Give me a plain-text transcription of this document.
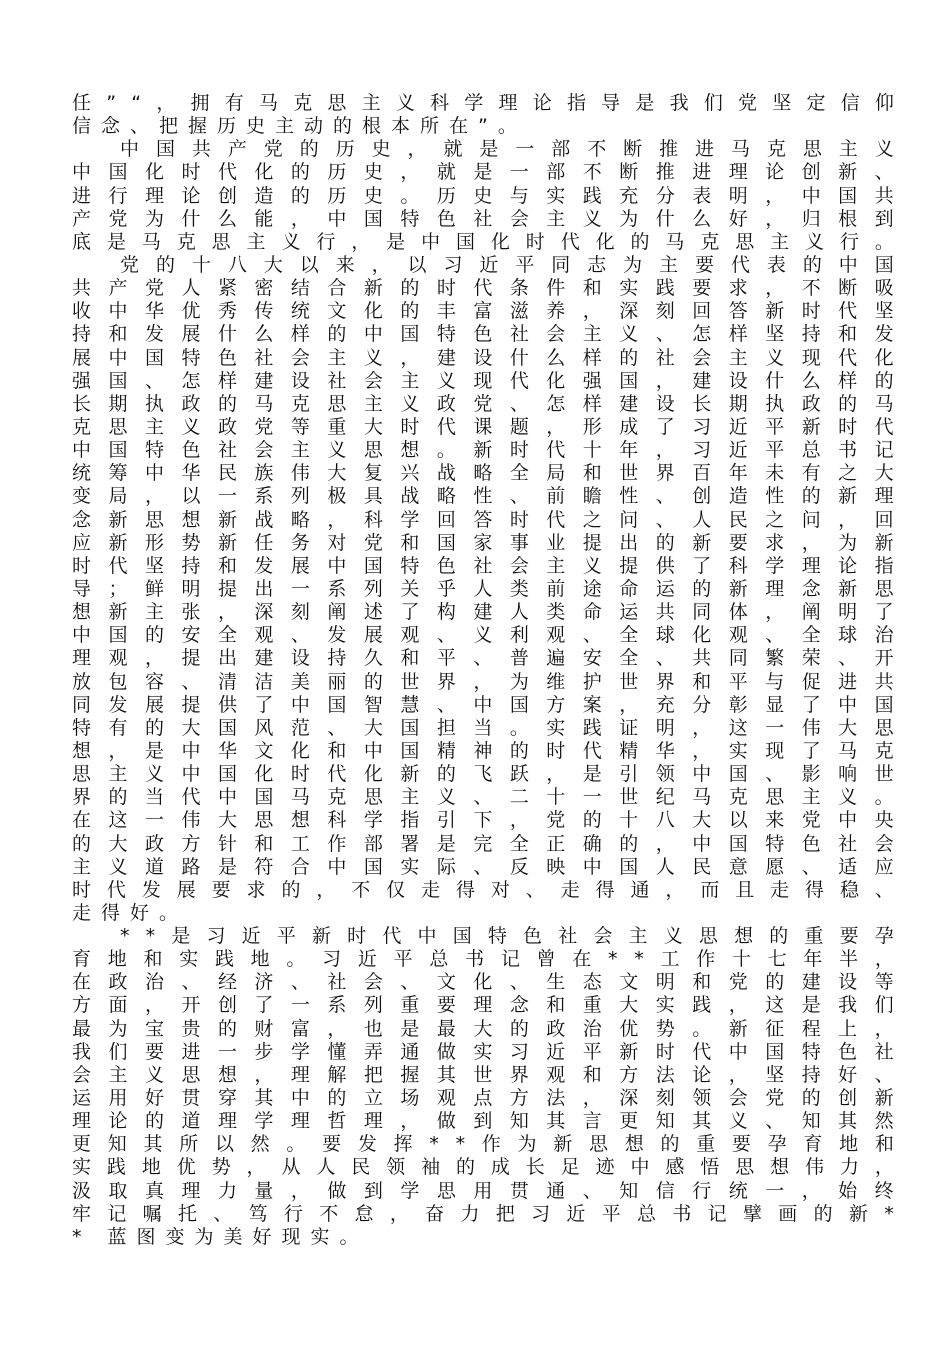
任 ” “ ， 拥 有 马 克 思 主 义 科 学 理 论 指 导 是 我 们 党 坚 定 信 仰
信念、把握历史主动的根本所在”。
中 国 共 产 党 的 历 史 ， 就 是 一 部 不 断 推 进 马 克 思 主 义
中 国 化 时 代 化 的 历 史 ， 就 是 一 部 不 断 推 进 理 论 创 新 、
进 行 理 论 创 造 的 历 史 。 历 史 与 实 践 充 分 表 明 ， 中 国 共
产 党 为 什 么 能 ， 中 国 特 色 社 会 主 义 为 什 么 好 ， 归 根 到
底 是 马 克 思 主 义 行 ， 是 中 国 化 时 代 化 的 马 克 思 主 义 行 。
党 的 十 八 大 以 来 ， 以 习 近 平 同 志 为 主 要 代 表 的 中 国
共 产 党 人 紧 密 结 合 新 的 时 代 条 件 和 实 践 要 求 ， 不 断 吸
收 中 华 优 秀 传 统 文 化 的 丰 富 滋 养 ， 深 刻 回 答 新 时 代 坚
持 和 发 展 什 么 样 的 中 国 特 色 社 会 主 义 、 怎 样 坚 持 和 发
展 中 国 特 色 社 会 主 义 ， 建 设 什 么 样 的 社 会 主 义 现 代 化
强 国 、 怎 样 建 设 社 会 主 义 现 代 化 强 国 ， 建 设 什 么 样 的
长 期 执 政 的 马 克 思 主 义 政 党 、 怎 样 建 设 长 期 执 政 的 马
克 思 主 义 政 党 等 重 大 时 代 课 题 ， 形 成 了 习 近 平 新 时 代
中 国 特 色 社 会 主 义 思 想 。 新 时 代 十 年 ， 习 近 平 总 书 记
统 筹 中 华 民 族 伟 大 复 兴 战 略 全 局 和 世 界 百 年 未 有 之 大
变 局 ， 以 一 系 列 极 具 战 略 性 、 前 瞻 性 、 创 造 性 的 新 理
念 新 思 想 新 战 略 ， 科 学 回 答 时 代 之 问 、 人 民 之 问 ， 回
应 新 形 势 新 任 务 对 党 和 国 家 事 业 提 出 的 新 要 求 ， 为 新
时 代 坚 持 和 发 展 中 国 特 色 社 会 主 义 提 供 了 科 学 理 论 指
导 ； 鲜 明 提 出 一 系 列 关 乎 人 类 前 途 命 运 的 新 理 念 新 思
想 新 主 张 ， 深 刻 阐 述 了 构 建 人 类 命 运 共 同 体 ， 阐 明 了
中 国 的 安 全 观 、 发 展 观 、 义 利 观 、 全 球 化 观 、 全 球 治
理 观 ， 提 出 建 设 持 久 和 平 、 普 遍 安 全 、 共 同 繁 荣 、 开
放 包 容 、 清 洁 美 丽 的 世 界 ， 为 维 护 世 界 和 平 与 促 进 共
同 发 展 提 供 了 中 国 智 慧 、 中 国 方 案 ， 充 分 彰 显 了 中 国
特 有 的 大 国 风 范 、 大 国 担 当 。 实 践 证 明 ， 这 一 伟 大 思
想 ， 是 中 华 文 化 和 中 国 精 神 的 时 代 精 华 ， 实 现 了 马 克
思 主 义 中 国 化 时 代 化 新 的 飞 跃 ， 是 引 领 中 国 、 影 响 世
界 的 当 代 中 国 马 克 思 主 义 、 二 十 一 世 纪 马 克 思 主 义 。
在 这 一 伟 大 思 想 科 学 指 引 下 ， 党 的 十 八 大 以 来 党 中 央
的 大 政 方 针 和 工 作 部 署 是 完 全 正 确 的 ， 中 国 特 色 社 会
主 义 道 路 是 符 合 中 国 实 际 、 反 映 中 国 人 民 意 愿 、 适 应
时 代 发 展 要 求 的 ， 不 仅 走 得 对 、 走 得 通 ， 而 且 走 得 稳 、
走得好。
* * 是 习 近 平 新 时 代 中 国 特 色 社 会 主 义 思 想 的 重 要 孕
育 地 和 实 践 地 。 习 近 平 总 书 记 曾 在 * * 工 作 十 七 年 半 ，
在 政 治 、 经 济 、 社 会 、 文 化 、 生 态 文 明 和 党 的 建 设 等
方 面 ， 开 创 了 一 系 列 重 要 理 念 和 重 大 实 践 ， 这 是 我 们
最 为 宝 贵 的 财 富 ， 也 是 最 大 的 政 治 优 势 。 新 征 程 上 ，
我 们 要 进 一 步 学 懂 弄 通 做 实 习 近 平 新 时 代 中 国 特 色 社
会 主 义 思 想 ， 理 解 把 握 其 世 界 观 和 方 法 论 ， 坚 持 好 、
运 用 好 贯 穿 其 中 的 立 场 观 点 方 法 ， 深 刻 领 会 党 的 创 新
理 论 的 道 理 学 理 哲 理 ， 做 到 知 其 言 更 知 其 义 、 知 其 然
更 知 其 所 以 然 。 要 发 挥 * * 作 为 新 思 想 的 重 要 孕 育 地 和
实 践 地 优 势 ， 从 人 民 领 袖 的 成 长 足 迹 中 感 悟 思 想 伟 力 ，
汲 取 真 理 力 量 ， 做 到 学 思 用 贯 通 、 知 信 行 统 一 ， 始 终
牢 记 嘱 托 、 笃 行 不 怠 ， 奋 力 把 习 近 平 总 书 记 擘 画 的 新 *
* 蓝图变为美好现实。
